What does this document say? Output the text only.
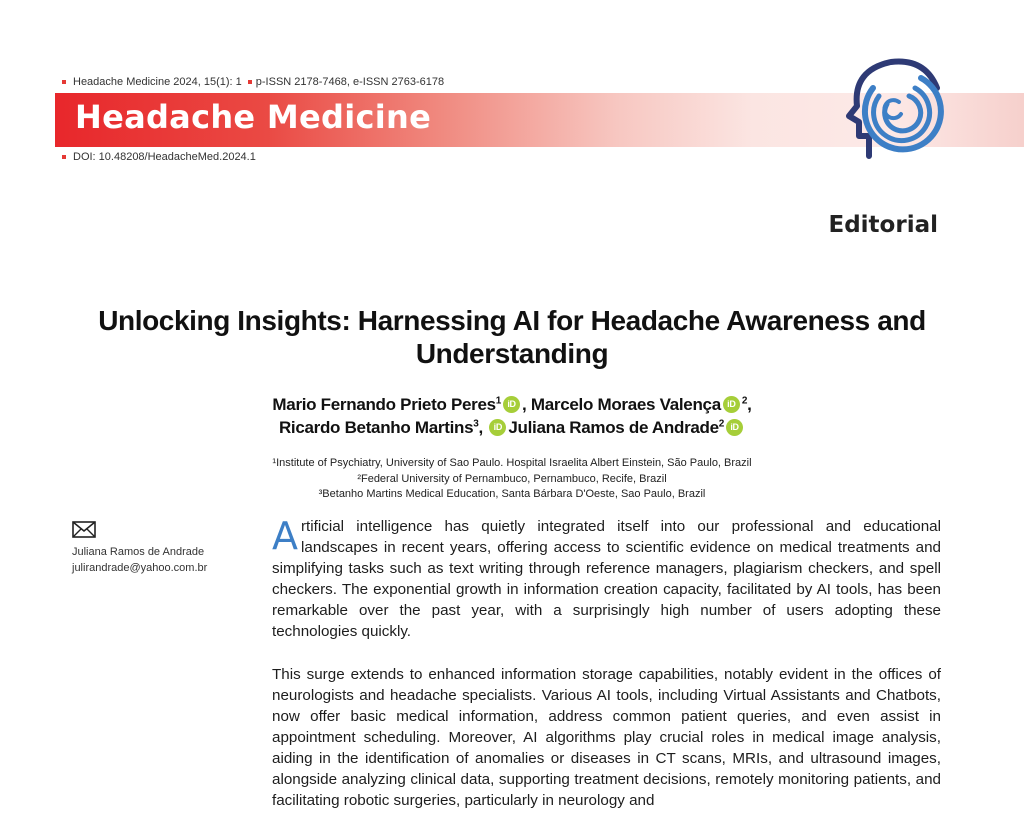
Headache Medicine 2024, 15(1): 1 p-ISSN 2178-7468, e-ISSN 2763-6178
Headache Medicine
DOI: 10.48208/HeadacheMed.2024.1
Editorial
Unlocking Insights: Harnessing AI for Headache Awareness and Understanding
Mario Fernando Prieto Peres$^1$ iD , Marcelo Moraes Valença iD $^2$,
Ricardo Betanho Martins$^3$, iD Juliana Ramos de Andrade$^2$ iD
¹Institute of Psychiatry, University of Sao Paulo. Hospital Israelita Albert Einstein, São Paulo, Brazil
²Federal University of Pernambuco, Pernambuco, Recife, Brazil
³Betanho Martins Medical Education, Santa Bárbara D'Oeste, Sao Paulo, Brazil
Juliana Ramos de Andrade
julirandrade@yahoo.com.br
Artificial intelligence has quietly integrated itself into our professional and educational landscapes in recent years, offering access to scientific evidence on medical treatments and simplifying tasks such as text writing through reference managers, plagiarism checkers, and spell checkers. The exponential growth in information creation capacity, facilitated by AI tools, has been remarkable over the past year, with a surprisingly high number of users adopting these technologies quickly.
This surge extends to enhanced information storage capabilities, notably evident in the offices of neurologists and headache specialists. Various AI tools, including Virtual Assistants and Chatbots, now offer basic medical information, address common patient queries, and even assist in appointment scheduling. Moreover, AI algorithms play crucial roles in medical image analysis, aiding in the identification of anomalies or diseases in CT scans, MRIs, and ultrasound images, alongside analyzing clinical data, supporting treatment decisions, remotely monitoring patients, and facilitating robotic surgeries, particularly in neurology and
